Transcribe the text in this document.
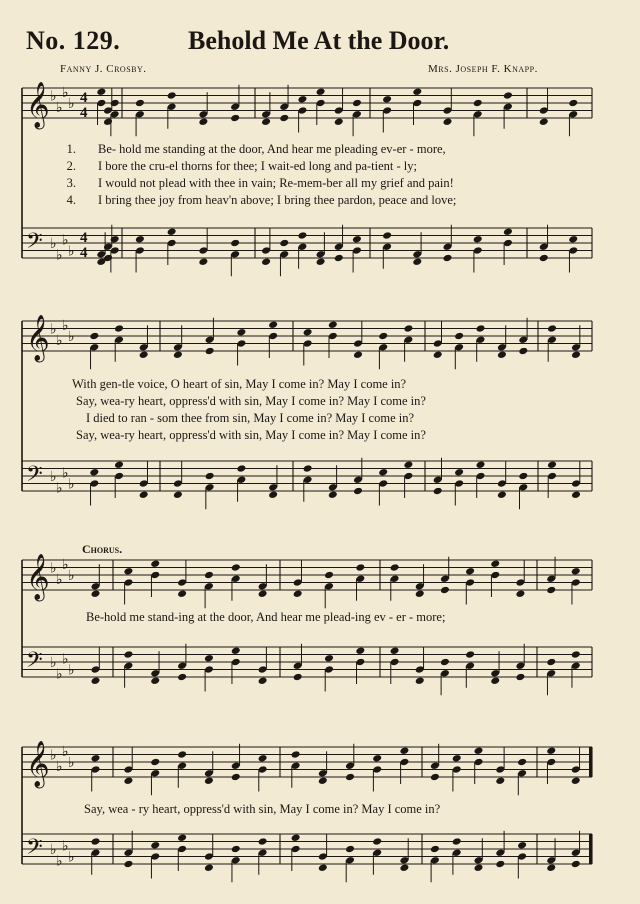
No. 129.	Behold Me At the Door.
Fanny J. Crosby.	Mrs. Joseph F. Knapp.
1. Be- hold me standing at the door, And hear me pleading ev-er - more,
2. I bore the cru-el thorns for thee; I wait-ed long and pa-tient - ly;
3. I would not plead with thee in vain; Re-mem-ber all my grief and pain!
4. I bring thee joy from heav'n above; I bring thee pardon, peace and love;
With gen-tle voice, O heart of sin, May I come in? May I come in?
Say, wea-ry heart, oppress'd with sin, May I come in? May I come in?
I died to ran - som thee from sin, May I come in? May I come in?
Say, wea-ry heart, oppress'd with sin, May I come in? May I come in?
Chorus.
Be-hold me stand-ing at the door, And hear me plead-ing ev - er - more;
Say, wea - ry heart, oppress'd with sin, May I come in? May I come in?
𝄞 ♭
♭
♭
♭
𝄢 ♭
♭
♭
♭
4
4
4
4
𝄞 ♭
♭
♭
♭
𝄢 ♭
♭
♭
♭
𝄞 ♭
♭
♭
♭
𝄢 ♭
♭
♭
♭
𝄞 ♭
♭
♭
♭
𝄢 ♭
♭
♭
♭
